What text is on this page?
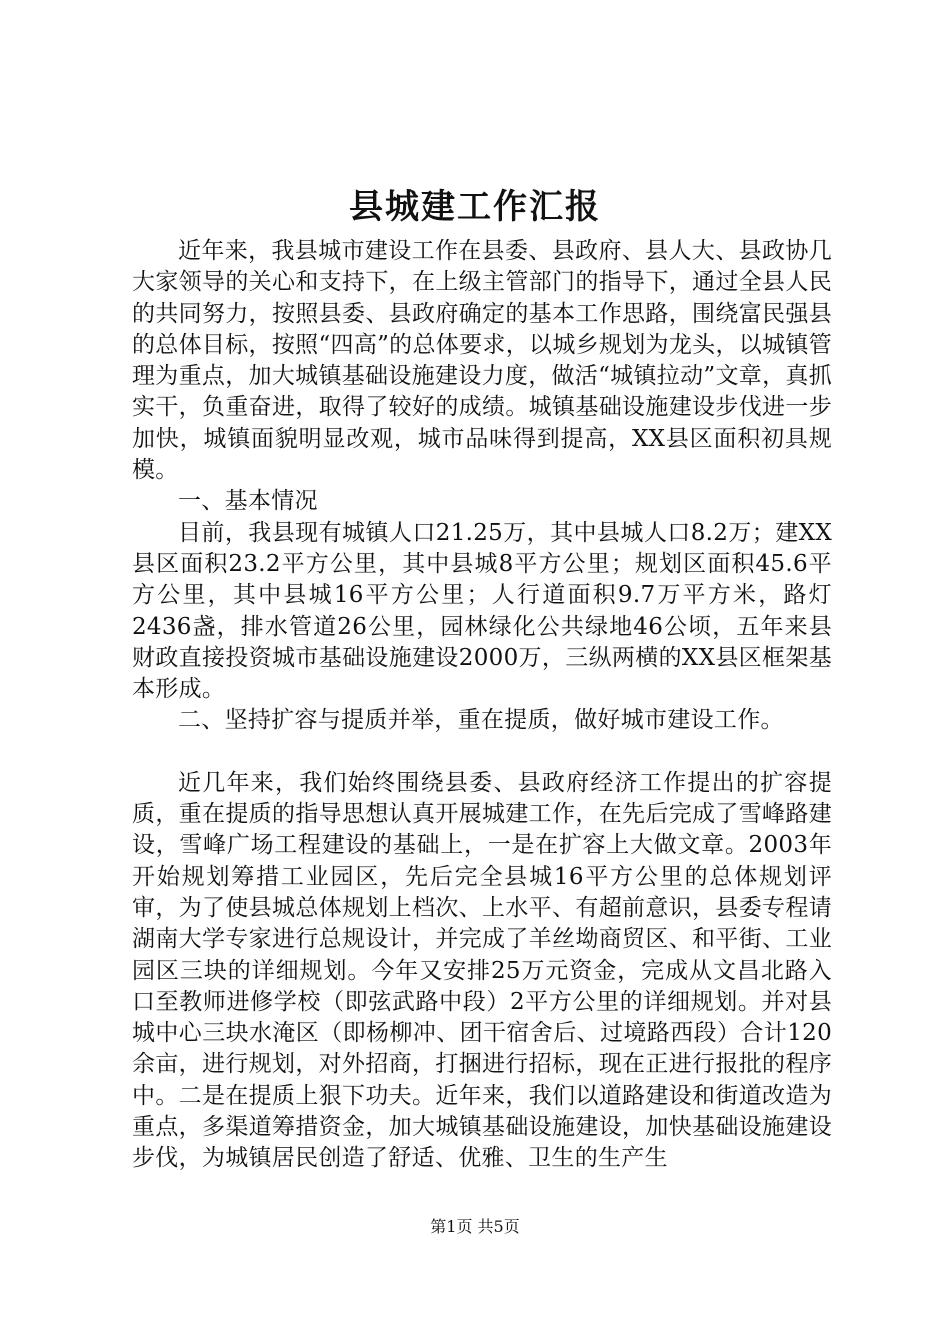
县城建工作汇报

近年来，我县城市建设工作在县委、县政府、县人大、县政协几大家领导的关心和支持下，在上级主管部门的指导下，通过全县人民的共同努力，按照县委、县政府确定的基本工作思路，围绕富民强县的总体目标，按照“四高”的总体要求，以城乡规划为龙头，以城镇管理为重点，加大城镇基础设施建设力度，做活“城镇拉动”文章，真抓实干，负重奋进，取得了较好的成绩。城镇基础设施建设步伐进一步加快，城镇面貌明显改观，城市品味得到提高，XX县区面积初具规模。

一、基本情况

目前，我县现有城镇人口21.25万，其中县城人口8.2万；建XX县区面积23.2平方公里，其中县城8平方公里；规划区面积45.6平方公里，其中县城16平方公里；人行道面积9.7万平方米，路灯2436盏，排水管道26公里，园林绿化公共绿地46公顷，五年来县财政直接投资城市基础设施建设2000万，三纵两横的XX县区框架基本形成。

二、坚持扩容与提质并举，重在提质，做好城市建设工作。

近几年来，我们始终围绕县委、县政府经济工作提出的扩容提质，重在提质的指导思想认真开展城建工作，在先后完成了雪峰路建设，雪峰广场工程建设的基础上，一是在扩容上大做文章。2003年开始规划筹措工业园区，先后完全县城16平方公里的总体规划评审，为了使县城总体规划上档次、上水平、有超前意识，县委专程请湖南大学专家进行总规设计，并完成了羊丝坳商贸区、和平街、工业园区三块的详细规划。今年又安排25万元资金，完成从文昌北路入口至教师进修学校（即弦武路中段）2平方公里的详细规划。并对县城中心三块水淹区（即杨柳冲、团干宿舍后、过境路西段）合计120余亩，进行规划，对外招商，打捆进行招标，现在正进行报批的程序中。二是在提质上狠下功夫。近年来，我们以道路建设和街道改造为重点，多渠道筹措资金，加大城镇基础设施建设，加快基础设施建设步伐，为城镇居民创造了舒适、优雅、卫生的生产生

第1页 共5页
